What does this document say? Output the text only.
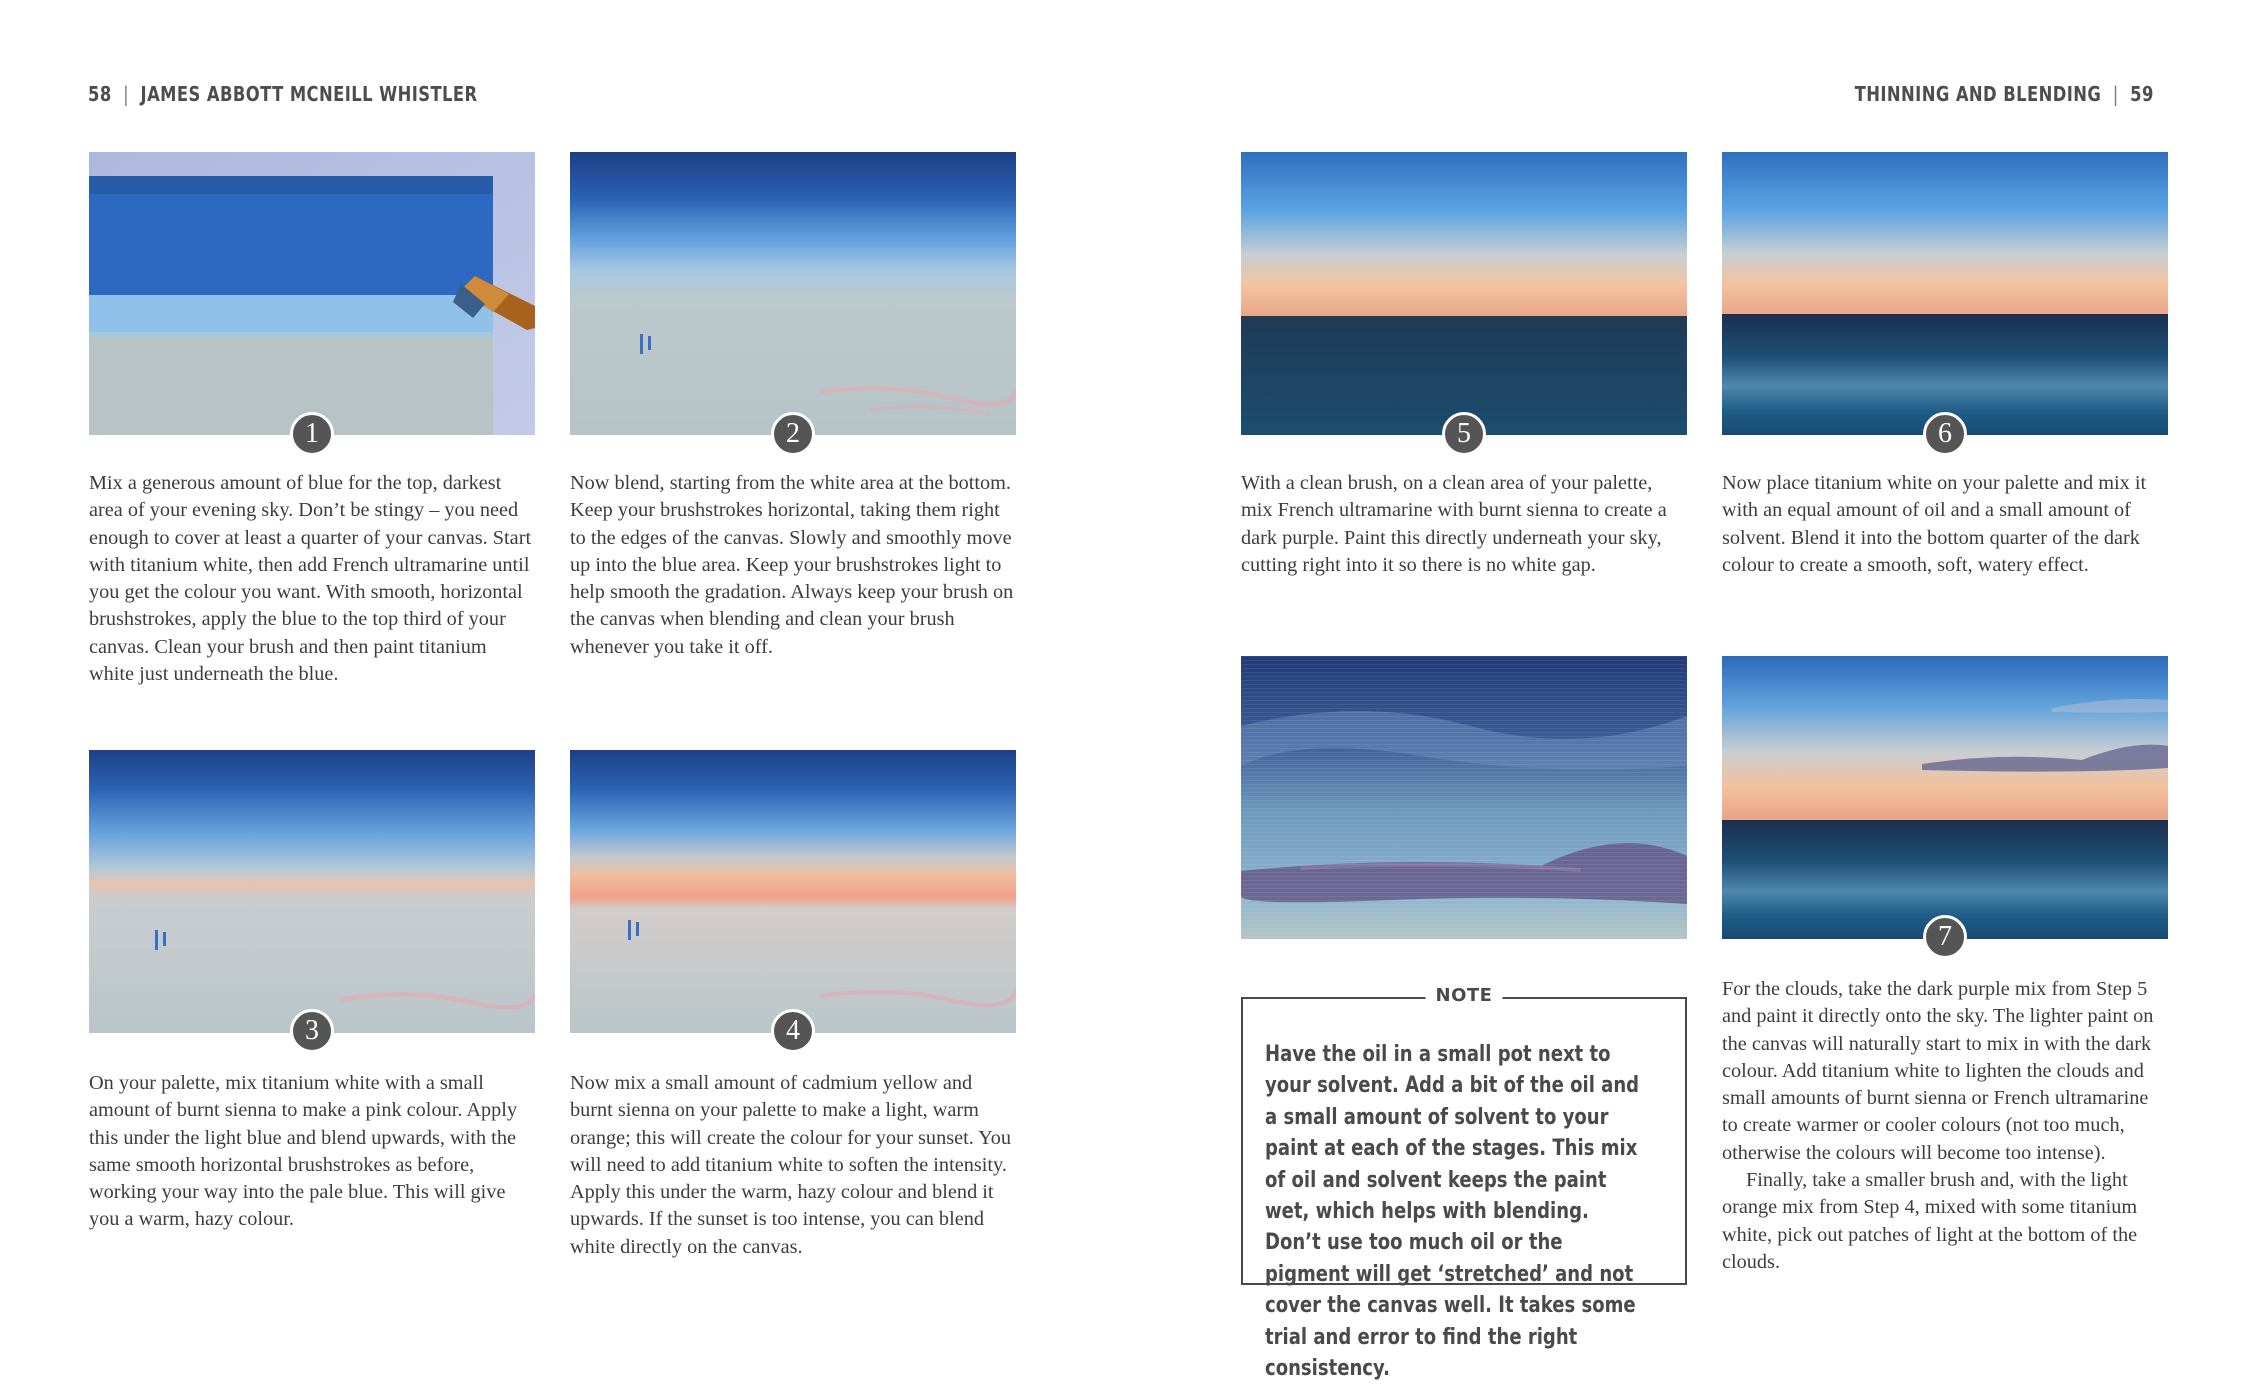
58 | JAMES ABBOTT MCNEILL WHISTLER	THINNING AND BLENDING | 59
1

Mix a generous amount of blue for the top, darkest area of your evening sky. Don’t be stingy – you need enough to cover at least a quarter of your canvas. Start with titanium white, then add French ultramarine until you get the colour you want. With smooth, horizontal brushstrokes, apply the blue to the top third of your canvas. Clean your brush and then paint titanium white just underneath the blue.

2

Now blend, starting from the white area at the bottom. Keep your brushstrokes horizontal, taking them right to the edges of the canvas. Slowly and smoothly move up into the blue area. Keep your brushstrokes light to help smooth the gradation. Always keep your brush on the canvas when blending and clean your brush whenever you take it off.

3

On your palette, mix titanium white with a small amount of burnt sienna to make a pink colour. Apply this under the light blue and blend upwards, with the same smooth horizontal brushstrokes as before, working your way into the pale blue. This will give you a warm, hazy colour.

4

Now mix a small amount of cadmium yellow and burnt sienna on your palette to make a light, warm orange; this will create the colour for your sunset. You will need to add titanium white to soften the intensity. Apply this under the warm, hazy colour and blend it upwards. If the sunset is too intense, you can blend white directly on the canvas.

5

With a clean brush, on a clean area of your palette, mix French ultramarine with burnt sienna to create a dark purple. Paint this directly underneath your sky, cutting right into it so there is no white gap.

6

Now place titanium white on your palette and mix it with an equal amount of oil and a small amount of solvent. Blend it into the bottom quarter of the dark colour to create a smooth, soft, watery effect.

7

For the clouds, take the dark purple mix from Step 5 and paint it directly onto the sky. The lighter paint on the canvas will naturally start to mix in with the dark colour. Add titanium white to lighten the clouds and small amounts of burnt sienna or French ultramarine to create warmer or cooler colours (not too much, otherwise the colours will become too intense).

Finally, take a smaller brush and, with the light orange mix from Step 4, mixed with some titanium white, pick out patches of light at the bottom of the clouds.

NOTE

Have the oil in a small pot next to your solvent. Add a bit of the oil and a small amount of solvent to your paint at each of the stages. This mix of oil and solvent keeps the paint wet, which helps with blending. Don’t use too much oil or the pigment will get ‘stretched’ and not cover the canvas well. It takes some trial and error to find the right consistency.
